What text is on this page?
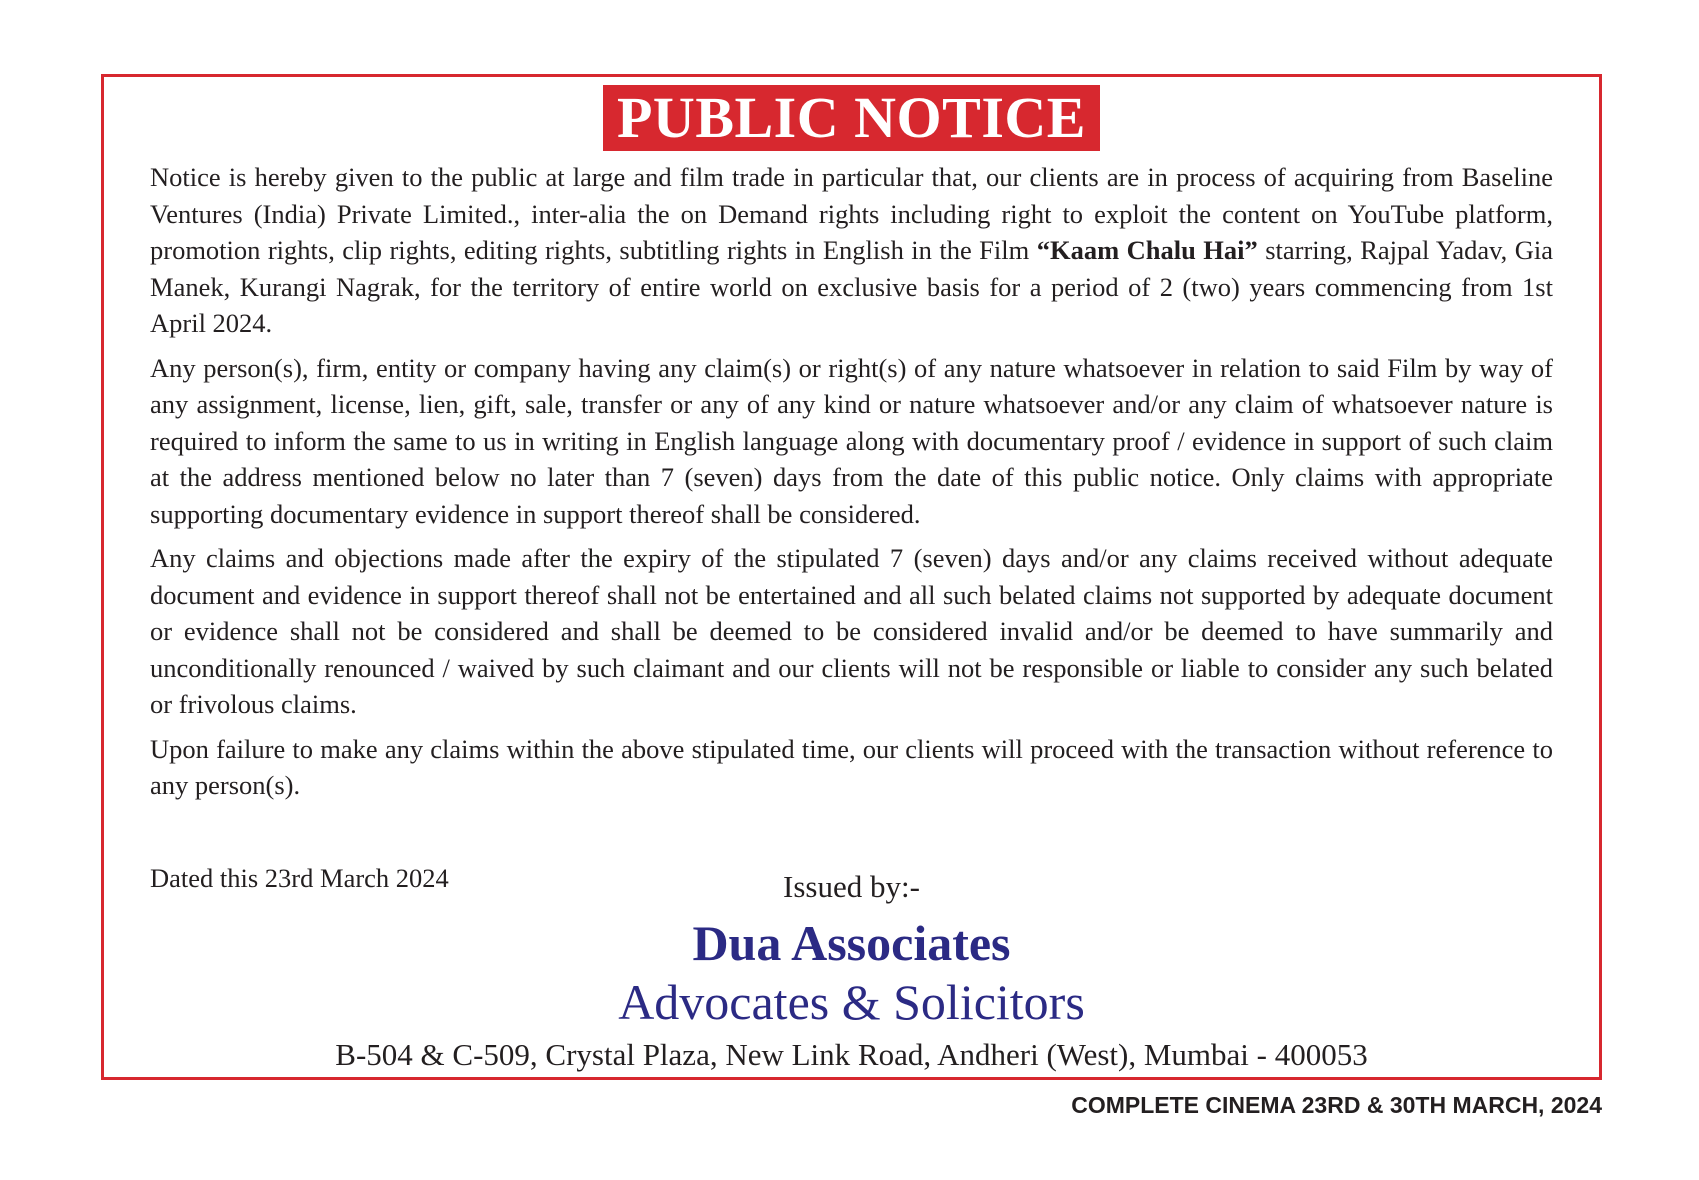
PUBLIC NOTICE

Notice is hereby given to the public at large and film trade in particular that, our clients are in process of acquiring from Baseline Ventures (India) Private Limited., inter-alia the on Demand rights including right to exploit the content on YouTube platform, promotion rights, clip rights, editing rights, subtitling rights in English in the Film “Kaam Chalu Hai” starring, Rajpal Yadav, Gia Manek, Kurangi Nagrak, for the territory of entire world on exclusive basis for a period of 2 (two) years commencing from 1st April 2024.

Any person(s), firm, entity or company having any claim(s) or right(s) of any nature whatsoever in relation to said Film by way of any assignment, license, lien, gift, sale, transfer or any of any kind or nature whatsoever and/or any claim of whatsoever nature is required to inform the same to us in writing in English language along with documentary proof / evidence in support of such claim at the address mentioned below no later than 7 (seven) days from the date of this public notice. Only claims with appropriate supporting documentary evidence in support thereof shall be considered.

Any claims and objections made after the expiry of the stipulated 7 (seven) days and/or any claims received without adequate document and evidence in support thereof shall not be entertained and all such belated claims not supported by adequate document or evidence shall not be considered and shall be deemed to be considered invalid and/or be deemed to have summarily and unconditionally renounced / waived by such claimant and our clients will not be responsible or liable to consider any such belated or frivolous claims.

Upon failure to make any claims within the above stipulated time, our clients will proceed with the transaction without reference to any person(s).

Dated this 23rd March 2024	Issued by:-
Dua Associates
Advocates & Solicitors
B-504 & C-509, Crystal Plaza, New Link Road, Andheri (West), Mumbai - 400053
COMPLETE CINEMA 23RD & 30TH MARCH, 2024
